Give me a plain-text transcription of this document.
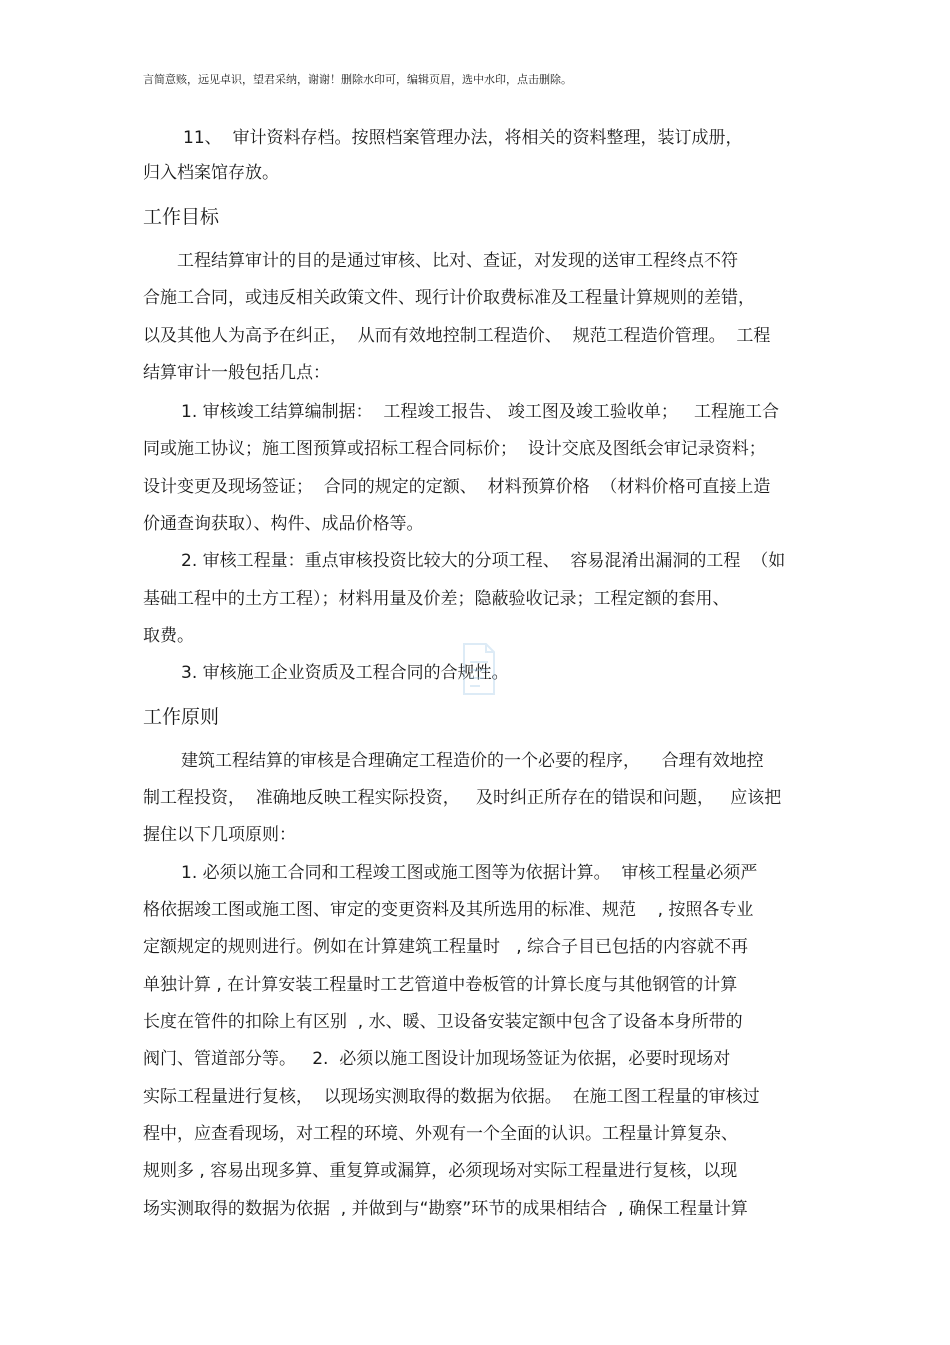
言简意赅，远见卓识，望君采纳，谢谢！删除水印可，编辑页眉，选中水印，点击删除。
11、  审计资料存档。按照档案管理办法，将相关的资料整理，装订成册，
归入档案馆存放。
工作目标
工程结算审计的目的是通过审核、比对、查证，对发现的送审工程终点不符
合施工合同，或违反相关政策文件、现行计价取费标准及工程量计算规则的差错，
以及其他人为高予在纠正，  从而有效地控制工程造价、  规范工程造价管理。  工程
结算审计一般包括几点：
1. 审核竣工结算编制据：  工程竣工报告、 竣工图及竣工验收单；   工程施工合
同或施工协议；施工图预算或招标工程合同标价；  设计交底及图纸会审记录资料；
设计变更及现场签证；  合同的规定的定额、  材料预算价格  （材料价格可直接上造
价通查询获取）、构件、成品价格等。
2. 审核工程量：重点审核投资比较大的分项工程、  容易混淆出漏洞的工程  （如
基础工程中的土方工程）；材料用量及价差；隐蔽验收记录；工程定额的套用、
取费。
3. 审核施工企业资质及工程合同的合规性。
工作原则
建筑工程结算的审核是合理确定工程造价的一个必要的程序，    合理有效地控
制工程投资，  准确地反映工程实际投资，   及时纠正所存在的错误和问题，   应该把
握住以下几项原则：
1. 必须以施工合同和工程竣工图或施工图等为依据计算。  审核工程量必须严
格依据竣工图或施工图、审定的变更资料及其所选用的标准、规范    , 按照各专业
定额规定的规则进行。例如在计算建筑工程量时   , 综合子目已包括的内容就不再
单独计算 , 在计算安装工程量时工艺管道中卷板管的计算长度与其他钢管的计算
长度在管件的扣除上有区别  , 水、暖、卫设备安装定额中包含了设备本身所带的
阀门、管道部分等。   2.  必须以施工图设计加现场签证为依据，必要时现场对
实际工程量进行复核，  以现场实测取得的数据为依据。  在施工图工程量的审核过
程中，应查看现场，对工程的环境、外观有一个全面的认识。工程量计算复杂、
规则多 , 容易出现多算、重复算或漏算，必须现场对实际工程量进行复核，以现
场实测取得的数据为依据  , 并做到与“勘察”环节的成果相结合  , 确保工程量计算
